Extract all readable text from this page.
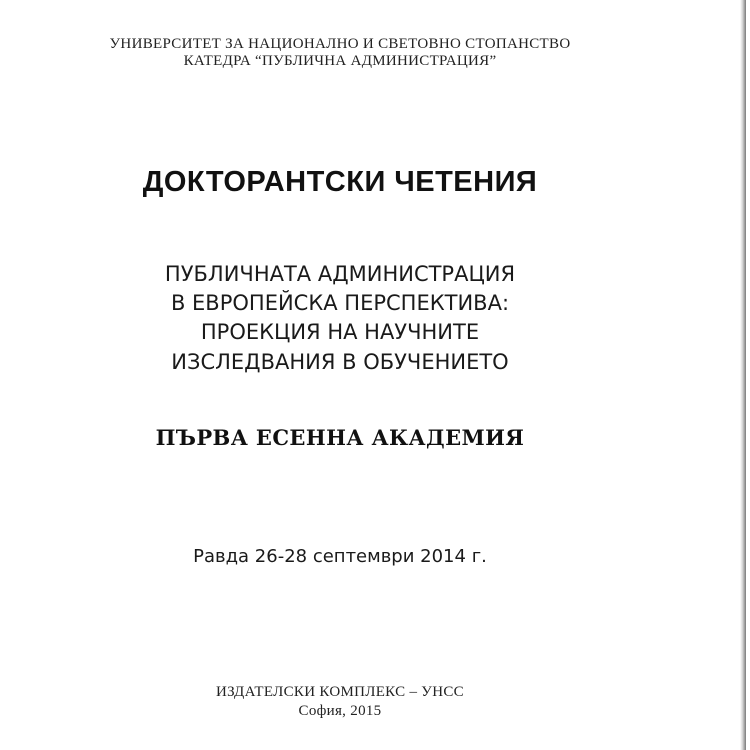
УНИВЕРСИТЕТ ЗА НАЦИОНАЛНО И СВЕТОВНО СТОПАНСТВО
КАТЕДРА “ПУБЛИЧНА АДМИНИСТРАЦИЯ”
ДОКТОРАНТСКИ ЧЕТЕНИЯ
ПУБЛИЧНАТА АДМИНИСТРАЦИЯ
В ЕВРОПЕЙСКА ПЕРСПЕКТИВА:
ПРОЕКЦИЯ НА НАУЧНИТЕ
ИЗСЛЕДВАНИЯ В ОБУЧЕНИЕТО
ПЪРВА ЕСЕННА АКАДЕМИЯ
Равда 26-28 септември 2014 г.
ИЗДАТЕЛСКИ КОМПЛЕКС – УНСС
София, 2015
